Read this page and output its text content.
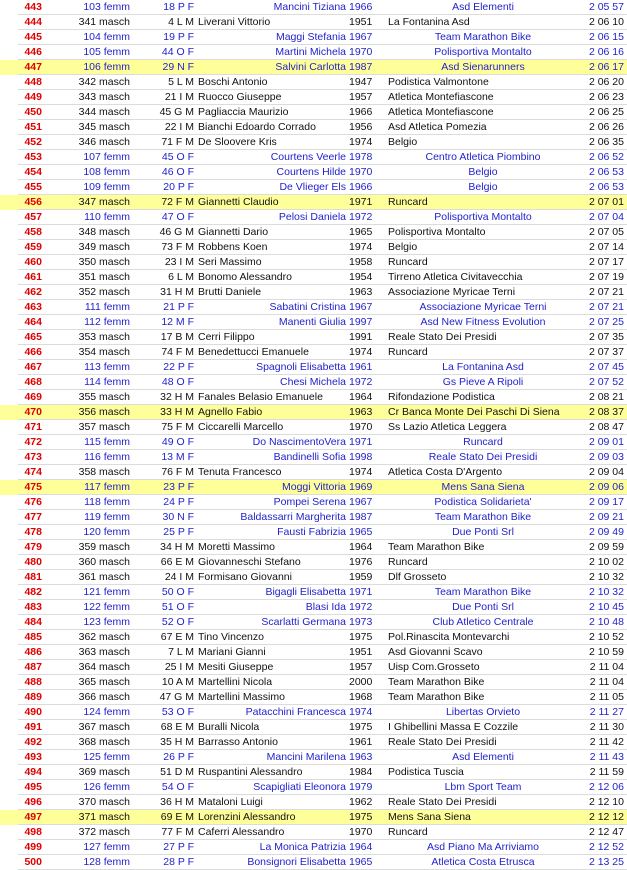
443	103 femm	18 P F	Mancini Tiziana 1966	Asd Elementi	2 05 57
444	341 masch	4 L M Liverani Vittorio	1951	La Fontanina Asd	2 06 10
445	104 femm	19 P F	Maggi Stefania 1967	Team Marathon Bike	2 06 15
446	105 femm	44 O F	Martini Michela 1970	Polisportiva Montalto	2 06 16
447	106 femm	29 N F	Salvini Carlotta 1987	Asd Sienarunners	2 06 17
448	342 masch	5 L M Boschi Antonio	1947	Podistica Valmontone	2 06 20
449	343 masch	21 I M Ruocco Giuseppe	1957	Atletica Montefiascone	2 06 23
450	344 masch	45 G M Pagliaccia Maurizio	1966	Atletica Montefiascone	2 06 25
451	345 masch	22 I M Bianchi Edoardo Corrado	1956	Asd Atletica Pomezia	2 06 26
452	346 masch	71 F M De Sloovere Kris	1974	Belgio	2 06 35
453	107 femm	45 O F	Courtens Veerle 1978	Centro Atletica Piombino	2 06 52
454	108 femm	46 O F	Courtens Hilde 1970	Belgio	2 06 53
455	109 femm	20 P F	De Vlieger Els 1966	Belgio	2 06 53
456	347 masch	72 F M Giannetti Claudio	1971	Runcard	2 07 01
457	110 femm	47 O F	Pelosi Daniela 1972	Polisportiva Montalto	2 07 04
458	348 masch	46 G M Giannetti Dario	1965	Polisportiva Montalto	2 07 05
459	349 masch	73 F M Robbens Koen	1974	Belgio	2 07 14
460	350 masch	23 I M Seri Massimo	1958	Runcard	2 07 17
461	351 masch	6 L M Bonomo Alessandro	1954	Tirreno Atletica Civitavecchia	2 07 19
462	352 masch	31 H M Brutti Daniele	1963	Associazione Myricae Terni	2 07 21
463	111 femm	21 P F	Sabatini Cristina 1967	Associazione Myricae Terni	2 07 21
464	112 femm	12 M F	Manenti Giulia 1997	Asd New Fitness Evolution	2 07 25
465	353 masch	17 B M Cerri Filippo	1991	Reale Stato Dei Presidi	2 07 35
466	354 masch	74 F M Benedettucci Emanuele	1974	Runcard	2 07 37
467	113 femm	22 P F	Spagnoli Elisabetta 1961	La Fontanina Asd	2 07 45
468	114 femm	48 O F	Chesi Michela 1972	Gs Pieve A Ripoli	2 07 52
469	355 masch	32 H M Fanales Belasio Emanuele	1964	Rifondazione Podistica	2 08 21
470	356 masch	33 H M Agnello Fabio	1963	Cr Banca Monte Dei Paschi Di Siena	2 08 37
471	357 masch	75 F M Ciccarelli Marcello	1970	Ss Lazio Atletica Leggera	2 08 47
472	115 femm	49 O F	Do NascimentoVera 1971	Runcard	2 09 01
473	116 femm	13 M F	Bandinelli Sofia 1998	Reale Stato Dei Presidi	2 09 03
474	358 masch	76 F M Tenuta Francesco	1974	Atletica Costa D'Argento	2 09 04
475	117 femm	23 P F	Moggi Vittoria 1969	Mens Sana Siena	2 09 06
476	118 femm	24 P F	Pompei Serena 1967	Podistica Solidarieta'	2 09 17
477	119 femm	30 N F	Baldassarri Margherita 1987	Team Marathon Bike	2 09 21
478	120 femm	25 P F	Fausti Fabrizia 1965	Due Ponti Srl	2 09 49
479	359 masch	34 H M Moretti Massimo	1964	Team Marathon Bike	2 09 59
480	360 masch	66 E M Giovanneschi Stefano	1976	Runcard	2 10 02
481	361 masch	24 I M Formisano Giovanni	1959	Dlf Grosseto	2 10 32
482	121 femm	50 O F	Bigagli Elisabetta 1971	Team Marathon Bike	2 10 32
483	122 femm	51 O F	Blasi Ida 1972	Due Ponti Srl	2 10 45
484	123 femm	52 O F	Scarlatti Germana 1973	Club Atletico Centrale	2 10 48
485	362 masch	67 E M Tino Vincenzo	1975	Pol.Rinascita Montevarchi	2 10 52
486	363 masch	7 L M Mariani Gianni	1951	Asd Giovanni Scavo	2 10 59
487	364 masch	25 I M Mesiti Giuseppe	1957	Uisp Com.Grosseto	2 11 04
488	365 masch	10 A M Martellini Nicola	2000	Team Marathon Bike	2 11 04
489	366 masch	47 G M Martellini Massimo	1968	Team Marathon Bike	2 11 05
490	124 femm	53 O F	Patacchini Francesca 1974	Libertas Orvieto	2 11 27
491	367 masch	68 E M Buralli Nicola	1975	I Ghibellini Massa E Cozzile	2 11 30
492	368 masch	35 H M Barrasso Antonio	1961	Reale Stato Dei Presidi	2 11 42
493	125 femm	26 P F	Mancini Marilena 1963	Asd Elementi	2 11 43
494	369 masch	51 D M Ruspantini Alessandro	1984	Podistica Tuscia	2 11 59
495	126 femm	54 O F	Scapigliati Eleonora 1979	Lbm Sport Team	2 12 06
496	370 masch	36 H M Mataloni Luigi	1962	Reale Stato Dei Presidi	2 12 10
497	371 masch	69 E M Lorenzini Alessandro	1975	Mens Sana Siena	2 12 12
498	372 masch	77 F M Caferri Alessandro	1970	Runcard	2 12 47
499	127 femm	27 P F	La Monica Patrizia 1964	Asd Piano Ma Arriviamo	2 12 52
500	128 femm	28 P F	Bonsignori Elisabetta 1965	Atletica Costa Etrusca	2 13 25
